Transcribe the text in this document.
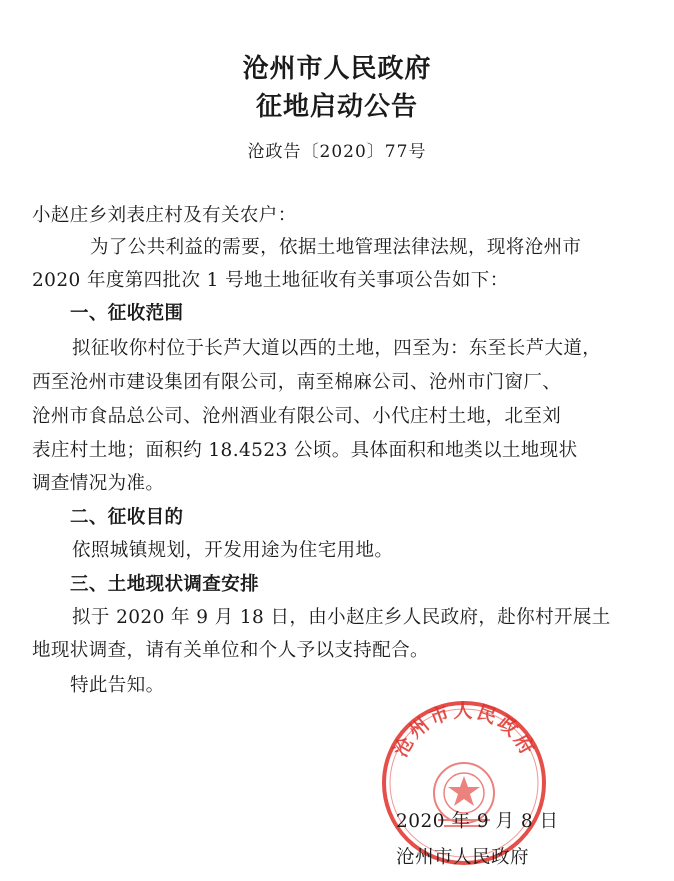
沧州市人民政府
征地启动公告
沧政告〔2020〕77号
小赵庄乡刘表庄村及有关农户：
为了公共利益的需要，依据土地管理法律法规，现将沧州市
2020 年度第四批次 1 号地土地征收有关事项公告如下：
一、征收范围
拟征收你村位于长芦大道以西的土地，四至为：东至长芦大道，
西至沧州市建设集团有限公司，南至棉麻公司、沧州市门窗厂、
沧州市食品总公司、沧州酒业有限公司、小代庄村土地，北至刘
表庄村土地；面积约 18.4523 公顷。具体面积和地类以土地现状
调查情况为准。
二、征收目的
依照城镇规划，开发用途为住宅用地。
三、土地现状调查安排
拟于 2020 年 9 月 18 日，由小赵庄乡人民政府，赴你村开展土
地现状调查，请有关单位和个人予以支持配合。
特此告知。
沧州市人民政府
2020 年 9 月 8 日
沧州市人民政府
